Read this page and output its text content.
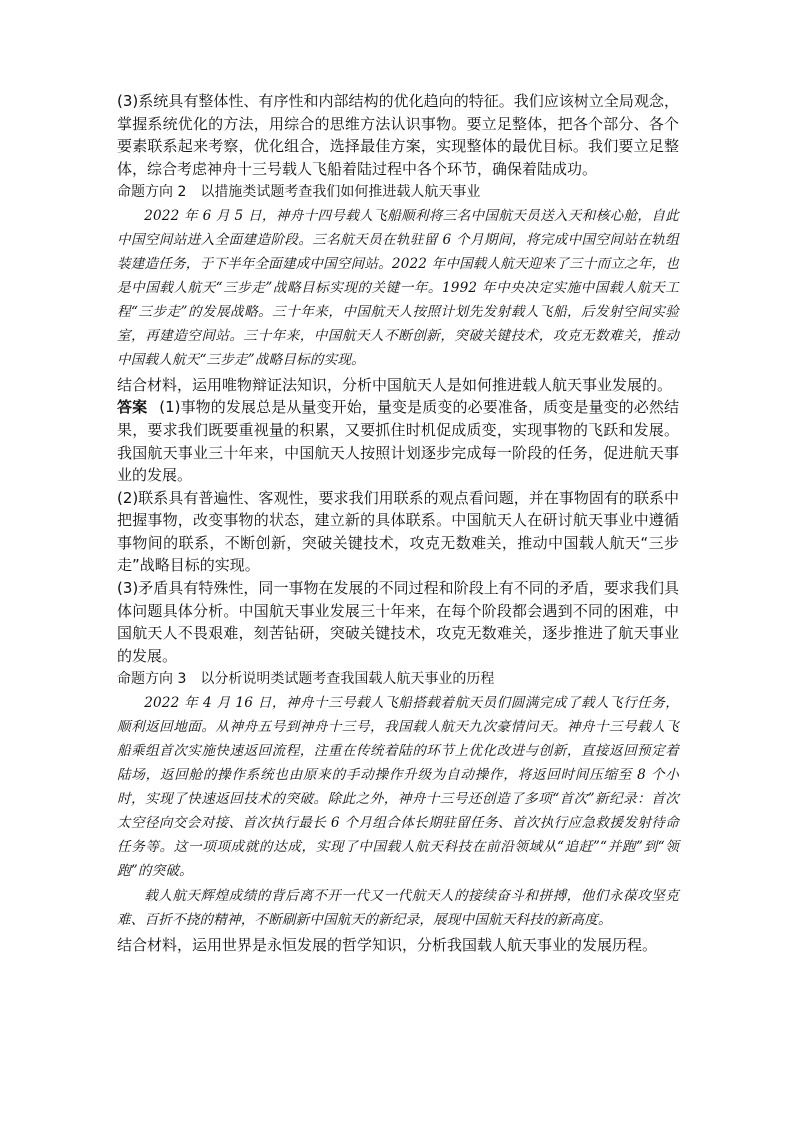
(3)系统具有整体性、有序性和内部结构的优化趋向的特征。我们应该树立全局观念，掌握系统优化的方法，用综合的思维方法认识事物。要立足整体，把各个部分、各个要素联系起来考察，优化组合，选择最佳方案，实现整体的最优目标。我们要立足整体，综合考虑神舟十三号载人飞船着陆过程中各个环节，确保着陆成功。

命题方向 2　以措施类试题考查我们如何推进载人航天事业

2022 年 6 月 5 日，神舟十四号载人飞船顺利将三名中国航天员送入天和核心舱，自此中国空间站进入全面建造阶段。三名航天员在轨驻留 6 个月期间，将完成中国空间站在轨组装建造任务，于下半年全面建成中国空间站。2022 年中国载人航天迎来了三十而立之年，也是中国载人航天“三步走”战略目标实现的关键一年。1992 年中央决定实施中国载人航天工程“三步走”的发展战略。三十年来，中国航天人按照计划先发射载人飞船，后发射空间实验室，再建造空间站。三十年来，中国航天人不断创新，突破关键技术，攻克无数难关，推动中国载人航天“三步走”战略目标的实现。

结合材料，运用唯物辩证法知识，分析中国航天人是如何推进载人航天事业发展的。

答案 (1)事物的发展总是从量变开始，量变是质变的必要准备，质变是量变的必然结果，要求我们既要重视量的积累，又要抓住时机促成质变，实现事物的飞跃和发展。我国航天事业三十年来，中国航天人按照计划逐步完成每一阶段的任务，促进航天事业的发展。

(2)联系具有普遍性、客观性，要求我们用联系的观点看问题，并在事物固有的联系中把握事物，改变事物的状态，建立新的具体联系。中国航天人在研讨航天事业中遵循事物间的联系，不断创新，突破关键技术，攻克无数难关，推动中国载人航天“三步走”战略目标的实现。

(3)矛盾具有特殊性，同一事物在发展的不同过程和阶段上有不同的矛盾，要求我们具体问题具体分析。中国航天事业发展三十年来，在每个阶段都会遇到不同的困难，中国航天人不畏艰难，刻苦钻研，突破关键技术，攻克无数难关，逐步推进了航天事业的发展。

命题方向 3　以分析说明类试题考查我国载人航天事业的历程

2022 年 4 月 16 日，神舟十三号载人飞船搭载着航天员们圆满完成了载人飞行任务，顺利返回地面。从神舟五号到神舟十三号，我国载人航天九次豪情问天。神舟十三号载人飞船乘组首次实施快速返回流程，注重在传统着陆的环节上优化改进与创新，直接返回预定着陆场，返回舱的操作系统也由原来的手动操作升级为自动操作，将返回时间压缩至 8 个小时，实现了快速返回技术的突破。除此之外，神舟十三号还创造了多项“首次”新纪录：首次太空径向交会对接、首次执行最长 6 个月组合体长期驻留任务、首次执行应急救援发射待命任务等。这一项项成就的达成，实现了中国载人航天科技在前沿领域从“追赶”“并跑”到“领跑”的突破。

载人航天辉煌成绩的背后离不开一代又一代航天人的接续奋斗和拼搏，他们永葆攻坚克难、百折不挠的精神，不断刷新中国航天的新纪录，展现中国航天科技的新高度。

结合材料，运用世界是永恒发展的哲学知识，分析我国载人航天事业的发展历程。
